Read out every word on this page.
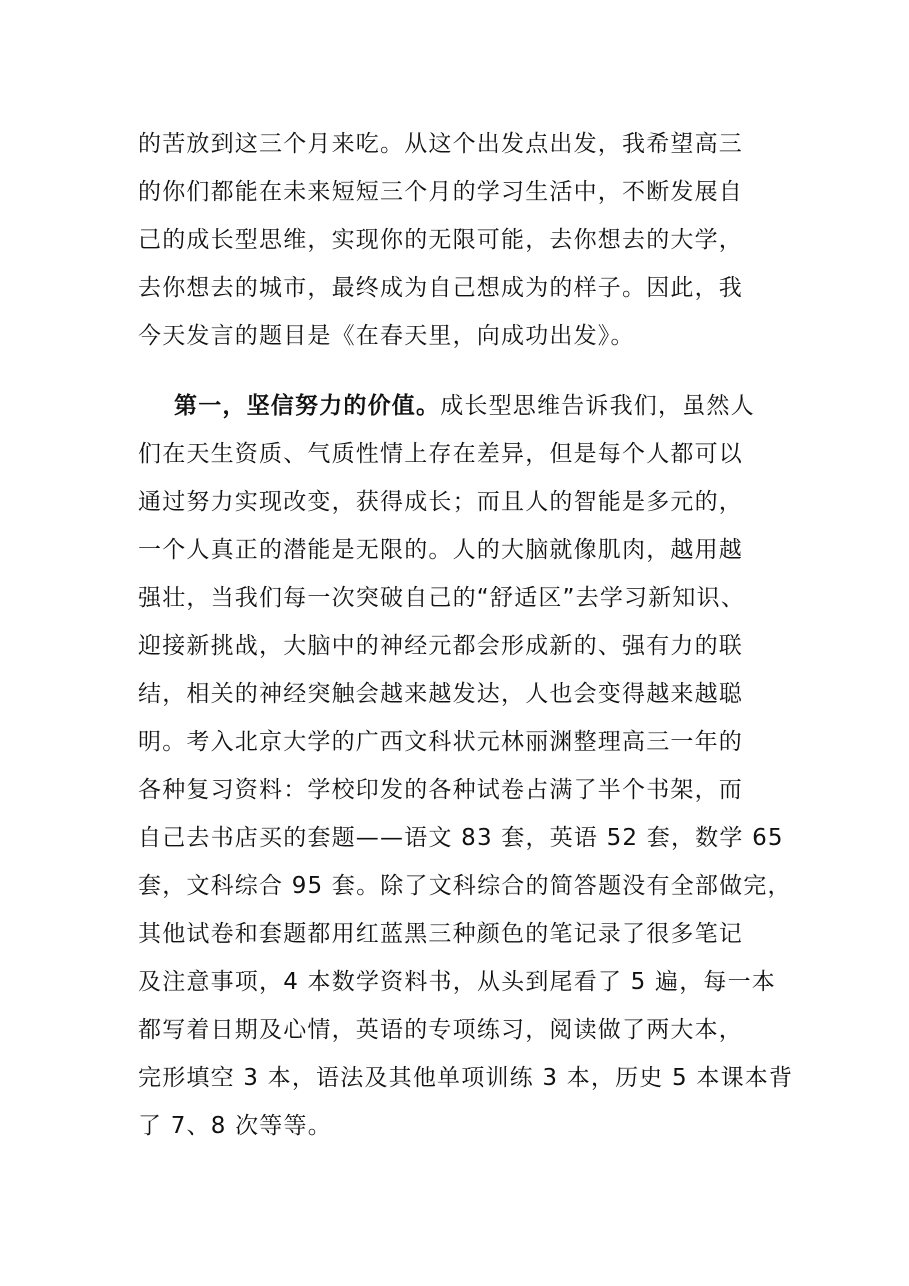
的苦放到这三个月来吃。从这个出发点出发，我希望高三
的你们都能在未来短短三个月的学习生活中，不断发展自
己的成长型思维，实现你的无限可能，去你想去的大学，
去你想去的城市，最终成为自己想成为的样子。因此，我
今天发言的题目是《在春天里，向成功出发》。
第一，坚信努力的价值。成长型思维告诉我们，虽然人
们在天生资质、气质性情上存在差异，但是每个人都可以
通过努力实现改变，获得成长；而且人的智能是多元的，
一个人真正的潜能是无限的。人的大脑就像肌肉，越用越
强壮，当我们每一次突破自己的“舒适区”去学习新知识、
迎接新挑战，大脑中的神经元都会形成新的、强有力的联
结，相关的神经突触会越来越发达，人也会变得越来越聪
明。考入北京大学的广西文科状元林丽渊整理高三一年的
各种复习资料：学校印发的各种试卷占满了半个书架，而
自己去书店买的套题——语文 83 套，英语 52 套，数学 65
套，文科综合 95 套。除了文科综合的简答题没有全部做完，
其他试卷和套题都用红蓝黑三种颜色的笔记录了很多笔记
及注意事项，4 本数学资料书，从头到尾看了 5 遍，每一本
都写着日期及心情，英语的专项练习，阅读做了两大本，
完形填空 3 本，语法及其他单项训练 3 本，历史 5 本课本背
了 7、8 次等等。
